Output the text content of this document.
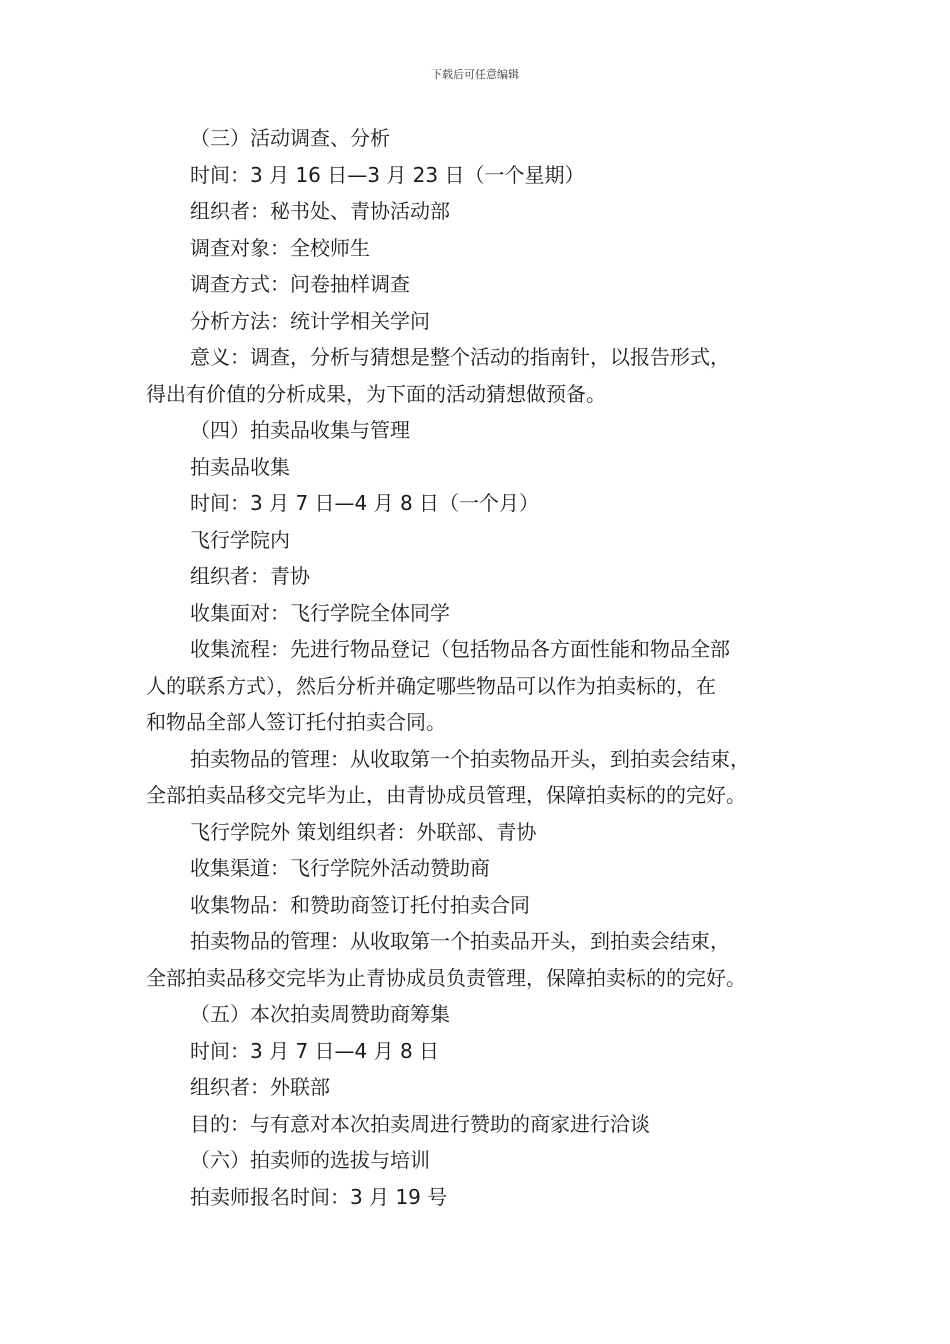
下载后可任意编辑
（三）活动调查、分析
时间：3 月 16 日—3 月 23 日（一个星期）
组织者：秘书处、青协活动部
调查对象：全校师生
调查方式：问卷抽样调查
分析方法：统计学相关学问
意义：调查，分析与猜想是整个活动的指南针，以报告形式，
得出有价值的分析成果，为下面的活动猜想做预备。
（四）拍卖品收集与管理
拍卖品收集
时间：3 月 7 日—4 月 8 日（一个月）
飞行学院内
组织者：青协
收集面对：飞行学院全体同学
收集流程：先进行物品登记（包括物品各方面性能和物品全部
人的联系方式），然后分析并确定哪些物品可以作为拍卖标的，在
和物品全部人签订托付拍卖合同。
拍卖物品的管理：从收取第一个拍卖物品开头，到拍卖会结束，
全部拍卖品移交完毕为止，由青协成员管理，保障拍卖标的的完好。
飞行学院外 策划组织者：外联部、青协
收集渠道：飞行学院外活动赞助商
收集物品：和赞助商签订托付拍卖合同
拍卖物品的管理：从收取第一个拍卖品开头，到拍卖会结束，
全部拍卖品移交完毕为止青协成员负责管理，保障拍卖标的的完好。
（五）本次拍卖周赞助商筹集
时间：3 月 7 日—4 月 8 日
组织者：外联部
目的：与有意对本次拍卖周进行赞助的商家进行洽谈
（六）拍卖师的选拔与培训
拍卖师报名时间：3 月 19 号
